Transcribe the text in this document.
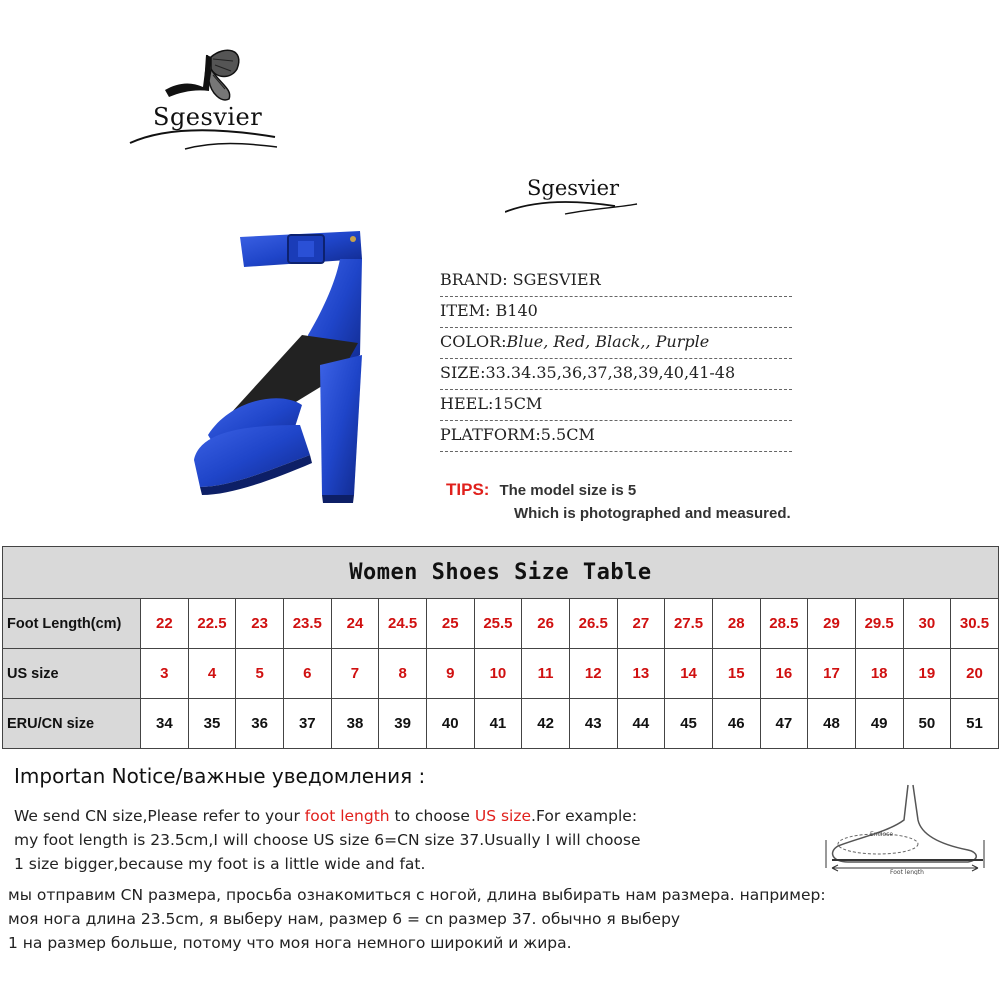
Sgesvier
Sgesvier
BRAND: SGESVIER
ITEM: B140
COLOR:Blue, Red, Black,, Purple
SIZE:33.34.35,36,37,38,39,40,41-48
HEEL:15CM
PLATFORM:5.5CM
TIPS: The model size is 5
Which is photographed and measured.
Women Shoes Size Table																		
Foot Length(cm)	22	22.5	23	23.5	24	24.5	25	25.5	26	26.5	27	27.5	28	28.5	29	29.5	30	30.5
US size	3	4	5	6	7	8	9	10	11	12	13	14	15	16	17	18	19	20
ERU/CN size	34	35	36	37	38	39	40	41	42	43	44	45	46	47	48	49	50	51
Importan Notice/важные уведомления :
We send CN size,Please refer to your foot length to choose US size.For example:
my foot length is 23.5cm,I will choose US size 6=CN size 37.Usually I will choose
1 size bigger,because my foot is a little wide and fat.
мы отправим CN размера, просьба ознакомиться с ногой, длина выбирать нам размера. например:
моя нога длина 23.5cm, я выберу нам, размер 6 = cn размер 37. обычно я выберу
1 на размер больше, потому что моя нога немного широкий и жира.
Enclose
Foot length
